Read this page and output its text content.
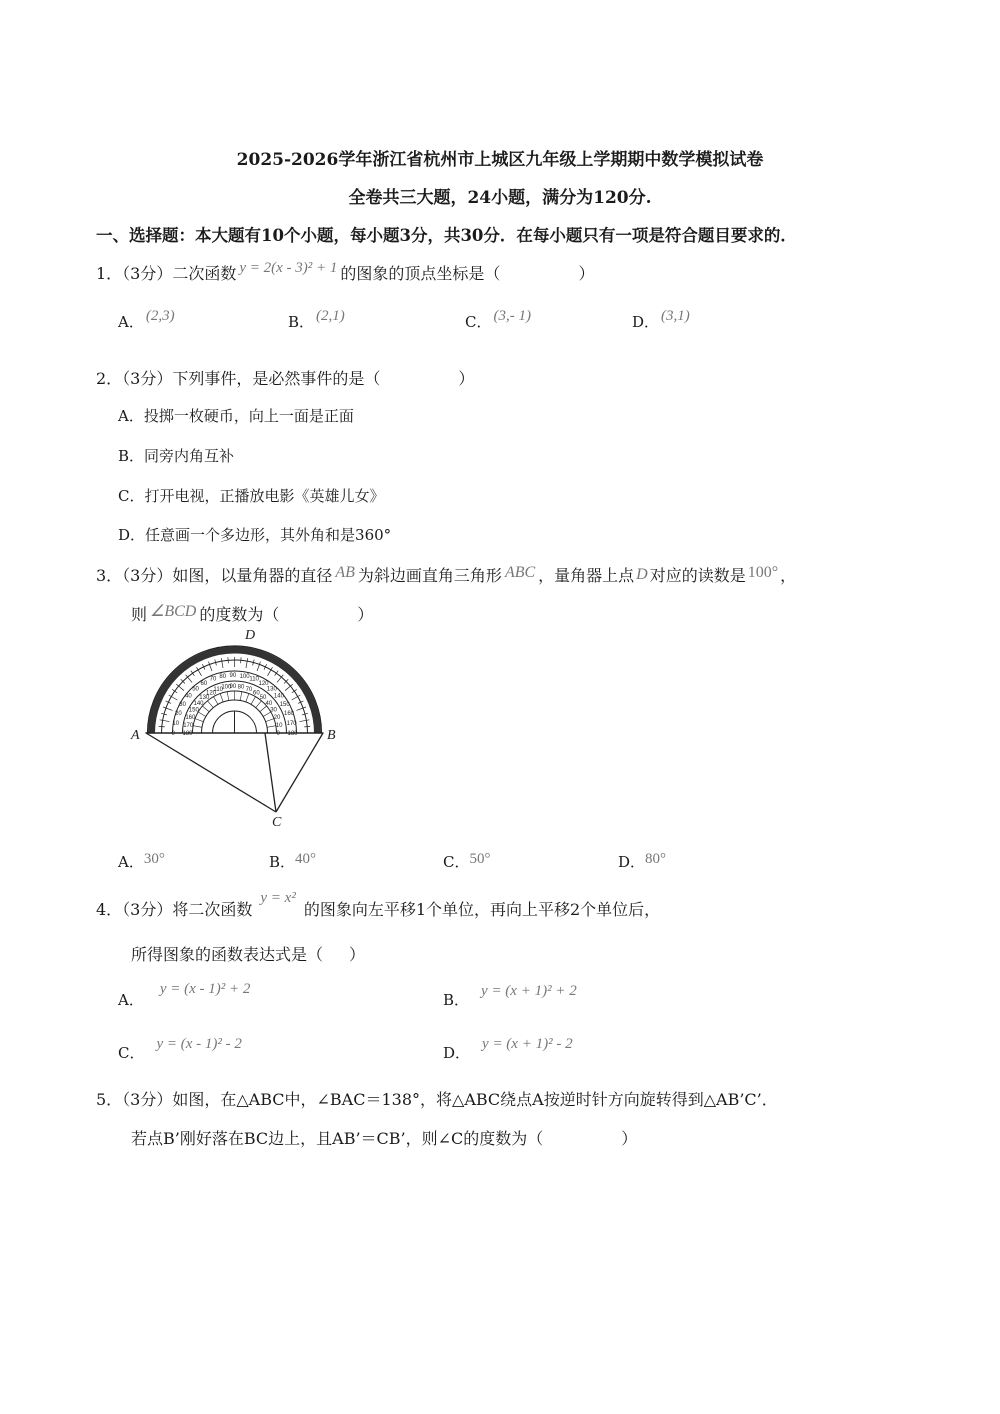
2025-2026学年浙江省杭州市上城区九年级上学期期中数学模拟试卷
全卷共三大题，24小题，满分为120分.
一、选择题：本大题有10个小题，每小题3分，共30分．在每小题只有一项是符合题目要求的．
1．（3分）二次函数 y = 2(x - 3)² + 1 的图象的顶点坐标是（	）
A． (2,3)	B． (2,1)	C． (3,- 1)	D． (3,1)
2．（3分）下列事件，是必然事件的是（	）
A．投掷一枚硬币，向上一面是正面
B．同旁内角互补
C．打开电视，正播放电影《英雄儿女》
D．任意画一个多边形，其外角和是360°
3．（3分）如图，以量角器的直径 AB 为斜边画直角三角形 ABC ，量角器上点 D 对应的读数是 100° ，
则 ∠BCD 的度数为（	）
180
0
170
10
160
20
150
30
140
40
130
50
120
60
110
70
100
80
90
90
80
100
70
110
60
120
50
130
40
140
30
150
20
160
10 170
0 180
A	B
C
D
A．30°	B．40°	C．50°	D．80°
4．（3分）将二次函数y = x²的图象向左平移1个单位，再向上平移2个单位后，
所得图象的函数表达式是（ ）
A．y = (x - 1)² + 2
B． y = (x + 1)² + 2
C． y = (x - 1)² - 2	D． y = (x + 1)² - 2
5．（3分）如图，在△ABC中，∠BAC＝138°，将△ABC绕点A按逆时针方向旋转得到△AB’C’．
若点B’刚好落在BC边上，且AB’＝CB’，则∠C的度数为（	）
